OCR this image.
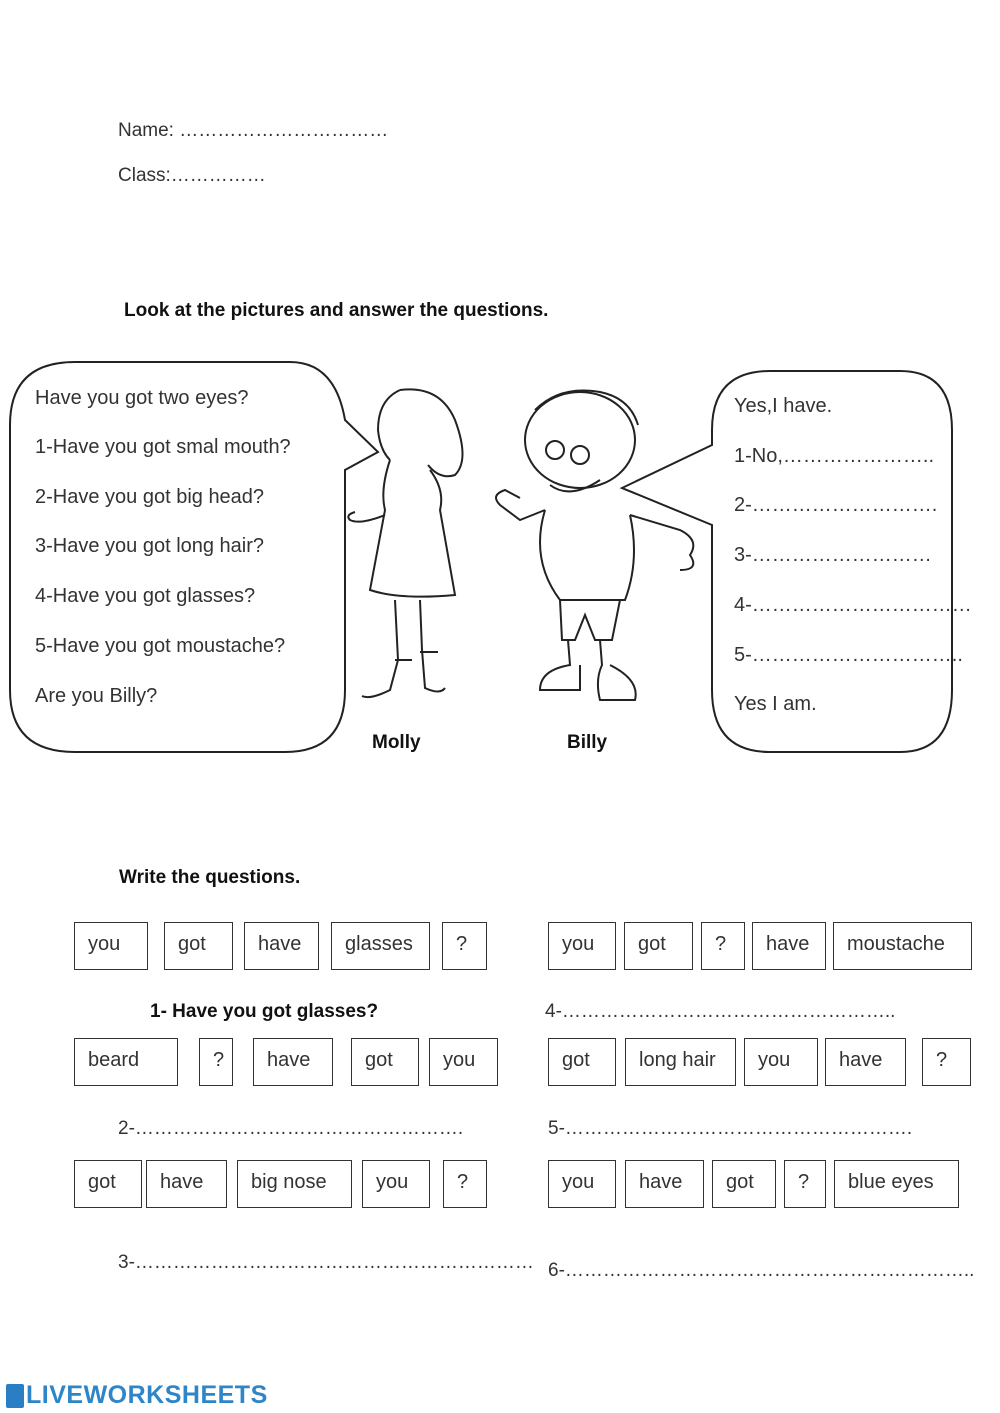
Name: ……………………………
Class:……………
Look at the pictures and answer the questions.
Have you got two eyes?
1-Have you got smal mouth?
2-Have you got big head?
3-Have you got long hair?
4-Have you got glasses?
5-Have you got moustache?
Are you Billy?
Yes,I have.
1-No,…………………..
2-……………………….
3-………………………
4-……………………………
5-…………………………..
Yes I am.
Molly	Billy
Write the questions.
you	got	have	glasses	?
1- Have you got glasses?
beard	?	have	got	you
2-…………………………………………….
got	have	big nose	you	?
3-………………………………………………………
you	got	?	have	moustache
4-……………………………………………..
got	long hair	you	have	?
5-……………………………………………….
you	have	got	?	blue eyes
6-………………………………………………………..
LIVEWORKSHEETS
